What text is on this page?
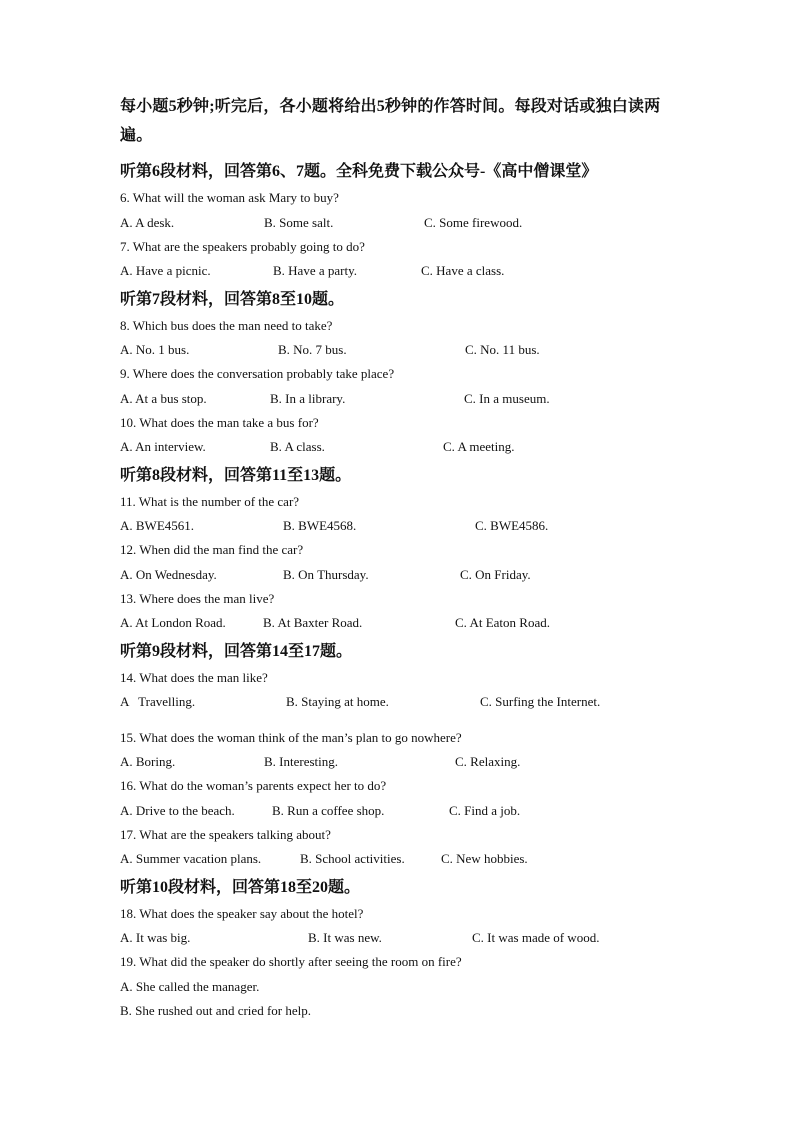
每小题5秒钟;听完后，各小题将给出5秒钟的作答时间。每段对话或独白读两遍。
听第6段材料，回答第6、7题。全科免费下载公众号-《高中僧课堂》
6. What will the woman ask Mary to buy?
A. A desk.	B. Some salt.	C. Some firewood.
7. What are the speakers probably going to do?
A. Have a picnic.	B. Have a party.	C. Have a class.
听第7段材料，回答第8至10题。
8. Which bus does the man need to take?
A. No. 1 bus.	B. No. 7 bus.	C. No. 11 bus.
9. Where does the conversation probably take place?
A. At a bus stop.	B. In a library.	C. In a museum.
10. What does the man take a bus for?
A. An interview.	B. A class.	C. A meeting.
听第8段材料，回答第11至13题。
11. What is the number of the car?
A. BWE4561.	B. BWE4568.	C. BWE4586.
12. When did the man find the car?
A. On Wednesday.	B. On Thursday.	C. On Friday.
13. Where does the man live?
A. At London Road.	B. At Baxter Road.	C. At Eaton Road.
听第9段材料，回答第14至17题。
14. What does the man like?
A   Travelling.	B. Staying at home.	C. Surfing the Internet.
15. What does the woman think of the man’s plan to go nowhere?
A. Boring.	B. Interesting.	C. Relaxing.
16. What do the woman’s parents expect her to do?
A. Drive to the beach.	B. Run a coffee shop.	C. Find a job.
17. What are the speakers talking about?
A. Summer vacation plans.	B. School activities.	C. New hobbies.
听第10段材料，回答第18至20题。
18. What does the speaker say about the hotel?
A. It was big.	B. It was new.	C. It was made of wood.
19. What did the speaker do shortly after seeing the room on fire?
A. She called the manager.
B. She rushed out and cried for help.
